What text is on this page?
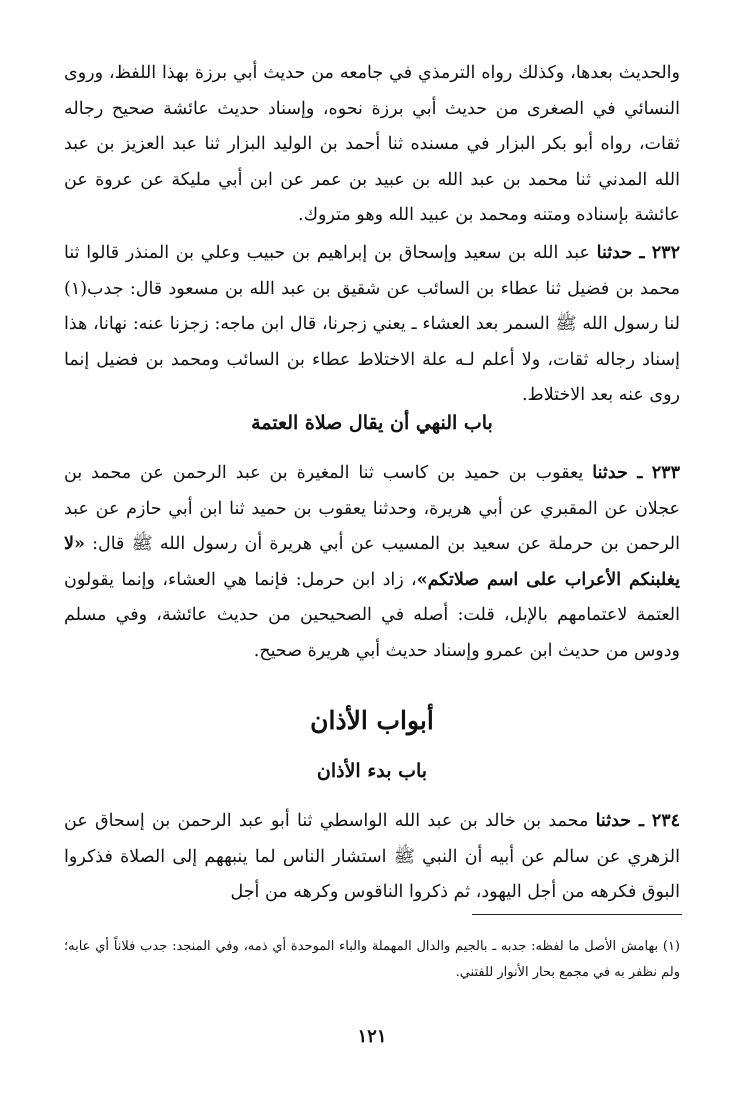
والحديث بعدها، وكذلك رواه الترمذي في جامعه من حديث أبي برزة بهذا اللفظ، وروى النسائي في الصغرى من حديث أبي برزة نحوه، وإسناد حديث عائشة صحيح رجاله ثقات، رواه أبو بكر البزار في مسنده ثنا أحمد بن الوليد البزار ثنا عبد العزيز بن عبد الله المدني ثنا محمد بن عبد الله بن عبيد بن عمر عن ابن أبي مليكة عن عروة عن عائشة بإسناده ومتنه ومحمد بن عبيد الله وهو متروك.

٢٣٢ ـ حدثنا عبد الله بن سعيد وإسحاق بن إبراهيم بن حبيب وعلي بن المنذر قالوا ثنا محمد بن فضيل ثنا عطاء بن السائب عن شقيق بن عبد الله بن مسعود قال: جدب(١) لنا رسول الله ﷺ السمر بعد العشاء ـ يعني زجرنا، قال ابن ماجه: زجزنا عنه: نهانا، هذا إسناد رجاله ثقات، ولا أعلم لـه علة الاختلاط عطاء بن السائب ومحمد بن فضيل إنما روى عنه بعد الاختلاط.

باب النهي أن يقال صلاة العتمة

٢٣٣ ـ حدثنا يعقوب بن حميد بن كاسب ثنا المغيرة بن عبد الرحمن عن محمد بن عجلان عن المقبري عن أبي هريرة، وحدثنا يعقوب بن حميد ثنا ابن أبي حازم عن عبد الرحمن بن حرملة عن سعيد بن المسيب عن أبي هريرة أن رسول الله ﷺ قال: «لا يغلبنكم الأعراب على اسم صلاتكم»، زاد ابن حرمل: فإنما هي العشاء، وإنما يقولون العتمة لاعتمامهم بالإبل، قلت: أصله في الصحيحين من حديث عائشة، وفي مسلم ودوس من حديث ابن عمرو وإسناد حديث أبي هريرة صحيح.

أبواب الأذان
باب بدء الأذان

٢٣٤ ـ حدثنا محمد بن خالد بن عبد الله الواسطي ثنا أبو عبد الرحمن بن إسحاق عن الزهري عن سالم عن أبيه أن النبي ﷺ استشار الناس لما ينبههم إلى الصلاة فذكروا البوق فكرهه من أجل اليهود، ثم ذكروا الناقوس وكرهه من أجل

(١) بهامش الأصل ما لفظه: جدبه ـ بالجيم والدال المهملة والباء الموحدة أي ذمه، وفي المنجد: جدب فلاناً أي عابه؛ ولم نظفر به في مجمع بحار الأنوار للفتني.

١٢١
